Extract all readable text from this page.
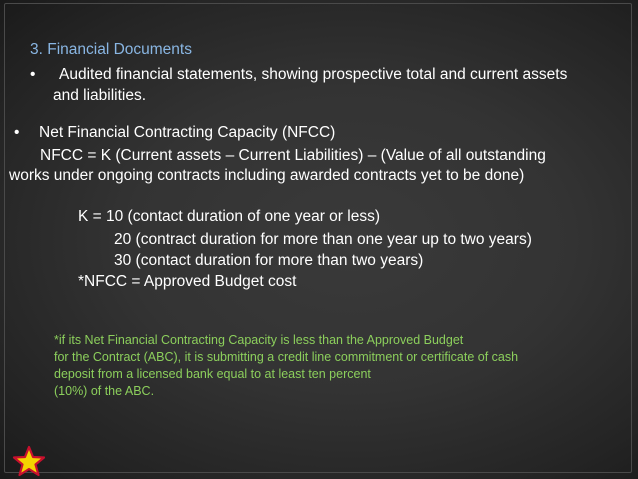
3. Financial Documents
• Audited financial statements, showing prospective total and current assets
and liabilities.
• Net Financial Contracting Capacity (NFCC)
NFCC = K (Current assets – Current Liabilities) – (Value of all outstanding
works under ongoing contracts including awarded contracts yet to be done)
K = 10 (contact duration of one year or less)
20 (contract duration for more than one year up to two years)
30 (contact duration for more than two years)
*NFCC = Approved Budget cost
*if its Net Financial Contracting Capacity is less than the Approved Budget
for the Contract (ABC), it is submitting a credit line commitment or certificate of cash
deposit from a licensed bank equal to at least ten percent
(10%) of the ABC.
